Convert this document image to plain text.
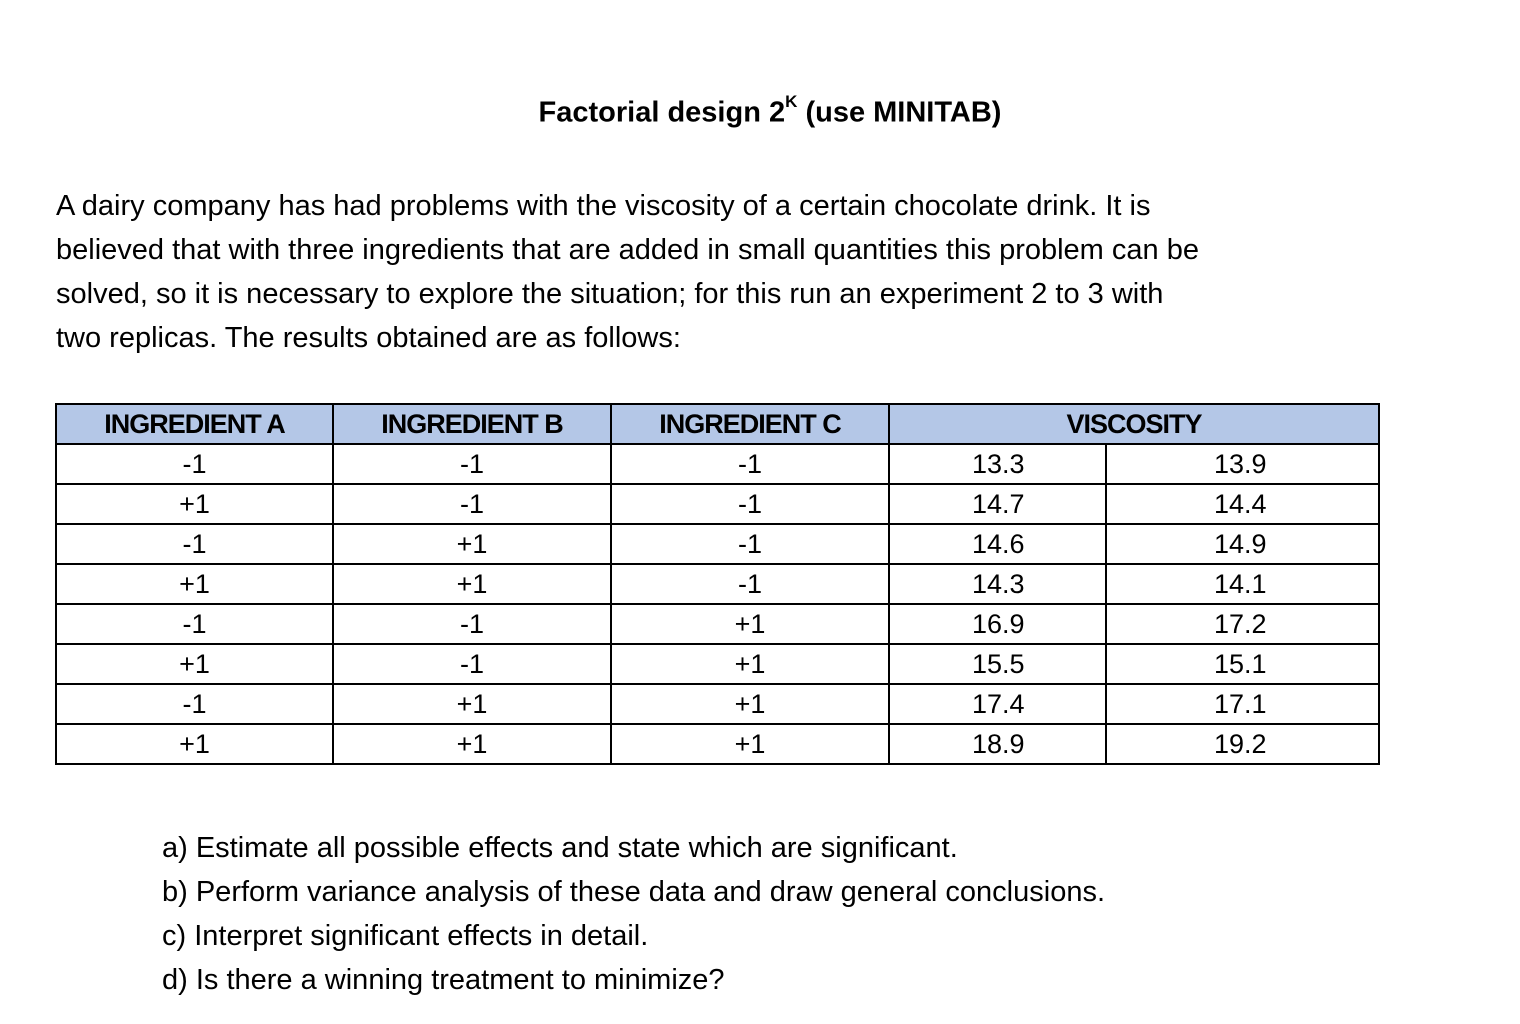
Factorial design $2^K$ (use MINITAB)
A dairy company has had problems with the viscosity of a certain chocolate drink. It is
believed that with three ingredients that are added in small quantities this problem can be
solved, so it is necessary to explore the situation; for this run an experiment 2 to 3 with
two replicas. The results obtained are as follows:
INGREDIENT A	INGREDIENT B	INGREDIENT C	VISCOSITY	
-1	-1	-1	13.3	13.9
+1	-1	-1	14.7	14.4
-1	+1	-1	14.6	14.9
+1	+1	-1	14.3	14.1
-1	-1	+1	16.9	17.2
+1	-1	+1	15.5	15.1
-1	+1	+1	17.4	17.1
+1	+1	+1	18.9	19.2
a) Estimate all possible effects and state which are significant.
b) Perform variance analysis of these data and draw general conclusions.
c) Interpret significant effects in detail.
d) Is there a winning treatment to minimize?
